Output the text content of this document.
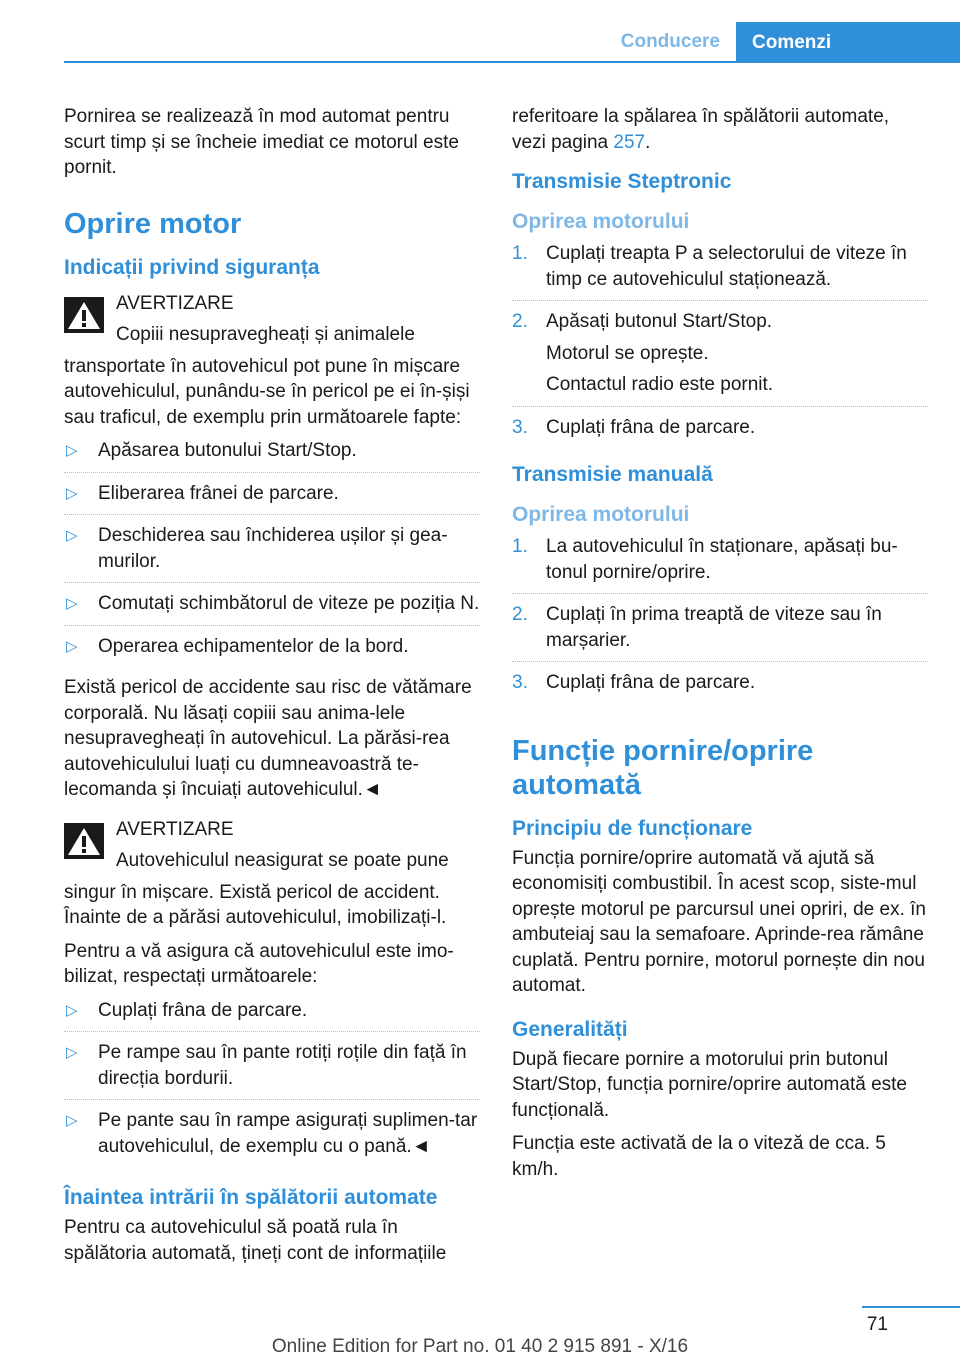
Conducere	Comenzi

Pornirea se realizează în mod automat pentru scurt timp și se încheie imediat ce motorul este pornit.

Oprire motor
Indicații privind siguranța

AVERTIZARE

Copiii nesupravegheați și animalele

transportate în autovehicul pot pune în mișcare autovehiculul, punându-se în pericol pe ei în-șiși sau traficul, de exemplu prin următoarele fapte:

▷ Apăsarea butonului Start/Stop.
▷ Eliberarea frânei de parcare.
▷ Deschiderea sau închiderea ușilor și gea-murilor.
▷ Comutați schimbătorul de viteze pe poziția N.
▷ Operarea echipamentelor de la bord.

Există pericol de accidente sau risc de vătămare corporală. Nu lăsați copiii sau anima-lele nesupravegheați în autovehicul. La părăsi-rea autovehiculului luați cu dumneavoastră te-lecomanda și încuiați autovehiculul.◄

AVERTIZARE

Autovehiculul neasigurat se poate pune

singur în mișcare. Există pericol de accident. Înainte de a părăsi autovehiculul, imobilizați-l.

Pentru a vă asigura că autovehiculul este imo-bilizat, respectați următoarele:

▷ Cuplați frâna de parcare.
▷ Pe rampe sau în pante rotiți roțile din față în direcția bordurii.
▷ Pe pante sau în rampe asigurați suplimen-tar autovehiculul, de exemplu cu o pană.◄
Înaintea intrării în spălătorii automate

Pentru ca autovehiculul să poată rula în spălătoria automată, țineți cont de informațiile

referitoare la spălarea în spălătorii automate, vezi pagina 257.

Transmisie Steptronic
Oprirea motorului
1. Cuplați treapta P a selectorului de viteze în timp ce autovehiculul staționează.
2. Apăsați butonul Start/Stop.

Motorul se oprește.

Contactul radio este pornit.

3. Cuplați frâna de parcare.
Transmisie manuală
Oprirea motorului
1. La autovehiculul în staționare, apăsați bu-tonul pornire/oprire.
2. Cuplați în prima treaptă de viteze sau în marșarier.
3. Cuplați frâna de parcare.
Funcție pornire/oprire automată
Principiu de funcționare

Funcția pornire/oprire automată vă ajută să economisiți combustibil. În acest scop, siste-mul oprește motorul pe parcursul unei opriri, de ex. în ambuteiaj sau la semafoare. Aprinde-rea rămâne cuplată. Pentru pornire, motorul pornește din nou automat.

Generalități

După fiecare pornire a motorului prin butonul Start/Stop, funcția pornire/oprire automată este funcțională.

Funcția este activată de la o viteză de cca. 5 km/h.

71
Online Edition for Part no. 01 40 2 915 891 - X/16
